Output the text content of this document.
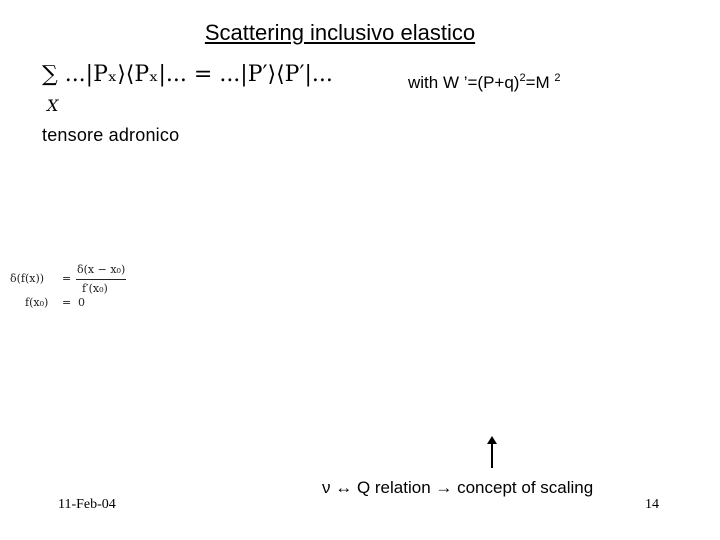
Scattering inclusivo elastico
∑ ...|Pₓ⟩⟨Pₓ|... = ...|P′⟩⟨P′|...
X
with W $’=(P+q)^2=M$ $^2$
tensore adronico
δ(f(x)) =
δ(x − x₀)
f′(x₀)
f(x₀) = 0
ν ↔ Q relation → concept of scaling
11-Feb-04	14
